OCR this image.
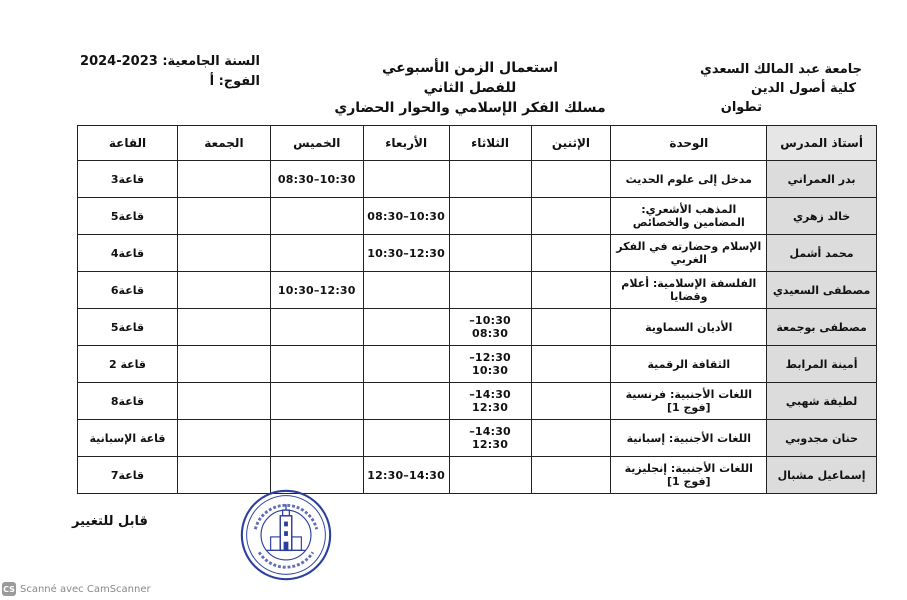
جامعة عبد المالك السعدي
كلية أصول الدين
تطوان
استعمال الزمن الأسبوعي
للفصل الثاني
مسلك الفكر الإسلامي والحوار الحضاري
السنة الجامعية: 2023-2024
الفوج: أ
أستاذ المدرس	الوحدة	الإثنين	الثلاثاء	الأربعاء	الخميس	الجمعة	القاعة
بدر العمراني	مدخل إلى علوم الحديث				10:30–08:30		قاعة3
خالد زهري	المذهب الأشعري: المضامين والخصائص			10:30–08:30			قاعة5
محمد أشمل	الإسلام وحضارته في الفكر الغربي			12:30–10:30			قاعة4
مصطفى السعيدي	الفلسفة الإسلامية: أعلام وقضايا				12:30–10:30		قاعة6
مصطفى بوجمعة	الأديان السماوية		10:30–08:30				قاعة5
أمينة المرابط	الثقافة الرقمية		12:30–10:30				قاعة 2
لطيفة شهبي	اللغات الأجنبية: فرنسية [فوج 1]		14:30–12:30				قاعة8
حنان مجدوبي	اللغات الأجنبية: إسبانية		14:30–12:30				قاعة الإسبانية
إسماعيل مشبال	اللغات الأجنبية: إنجليزية [فوج 1]			14:30–12:30			قاعة7
قابل للتغيير
CS Scanné avec CamScanner
